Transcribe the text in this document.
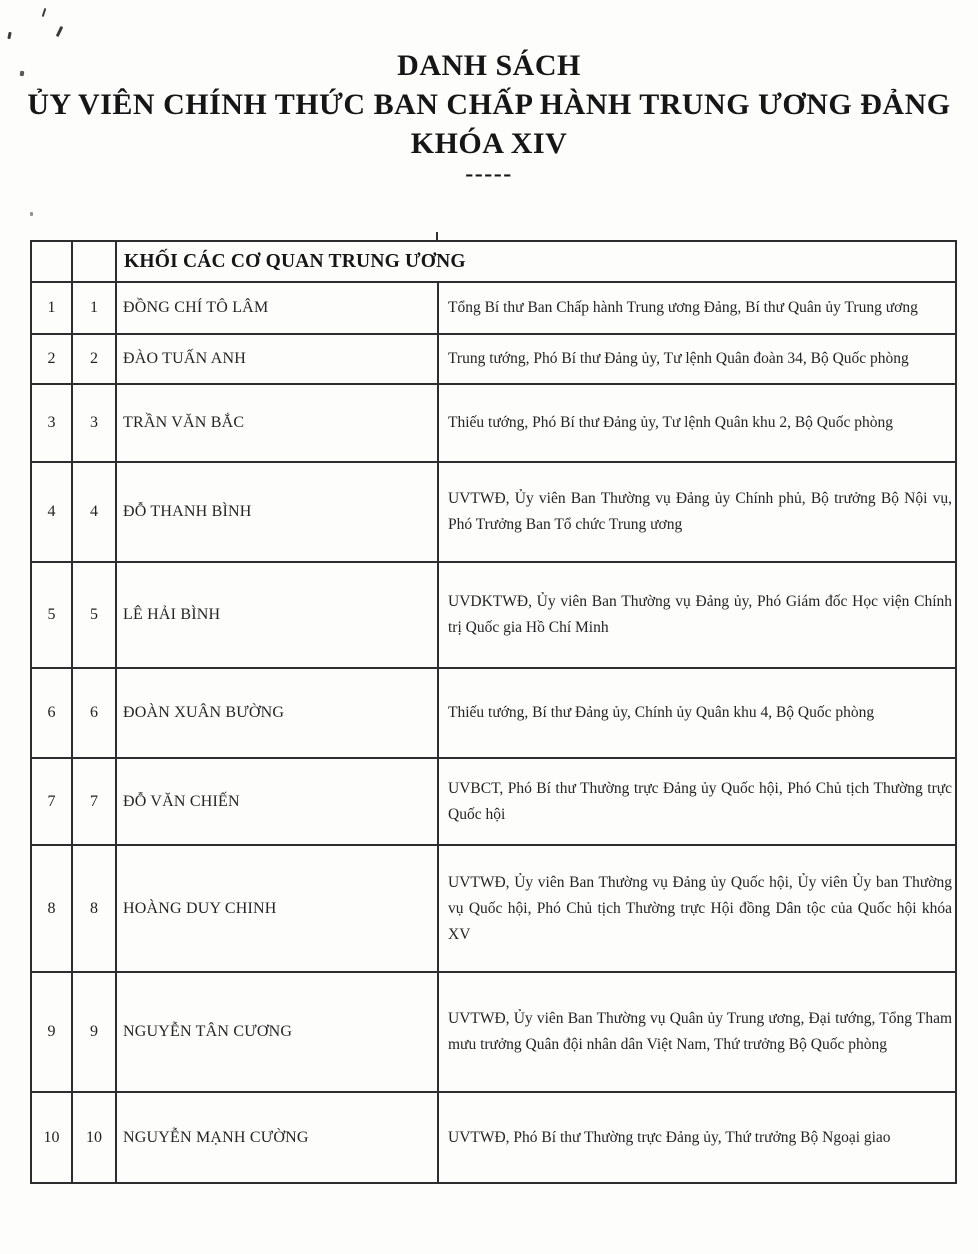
DANH SÁCH
ỦY VIÊN CHÍNH THỨC BAN CHẤP HÀNH TRUNG ƯƠNG ĐẢNG
KHÓA XIV
-----
		KHỐI CÁC CƠ QUAN TRUNG ƯƠNG	
1	1	ĐỒNG CHÍ TÔ LÂM	Tổng Bí thư Ban Chấp hành Trung ương Đảng, Bí thư Quân ủy Trung ương
2	2	ĐÀO TUẤN ANH	Trung tướng, Phó Bí thư Đảng ủy, Tư lệnh Quân đoàn 34, Bộ Quốc phòng
3	3	TRẦN VĂN BẮC	Thiếu tướng, Phó Bí thư Đảng ủy, Tư lệnh Quân khu 2, Bộ Quốc phòng
4	4	ĐỖ THANH BÌNH	UVTWĐ, Ủy viên Ban Thường vụ Đảng ủy Chính phủ, Bộ trưởng Bộ Nội vụ, Phó Trưởng Ban Tổ chức Trung ương
5	5	LÊ HẢI BÌNH	UVDKTWĐ, Ủy viên Ban Thường vụ Đảng ủy, Phó Giám đốc Học viện Chính trị Quốc gia Hồ Chí Minh
6	6	ĐOÀN XUÂN BƯỜNG	Thiếu tướng, Bí thư Đảng ủy, Chính ủy Quân khu 4, Bộ Quốc phòng
7	7	ĐỖ VĂN CHIẾN	UVBCT, Phó Bí thư Thường trực Đảng ủy Quốc hội, Phó Chủ tịch Thường trực Quốc hội
8	8	HOÀNG DUY CHINH	UVTWĐ, Ủy viên Ban Thường vụ Đảng ủy Quốc hội, Ủy viên Ủy ban Thường vụ Quốc hội, Phó Chủ tịch Thường trực Hội đồng Dân tộc của Quốc hội khóa XV
9	9	NGUYỄN TÂN CƯƠNG	UVTWĐ, Ủy viên Ban Thường vụ Quân ủy Trung ương, Đại tướng, Tổng Tham mưu trưởng Quân đội nhân dân Việt Nam, Thứ trưởng Bộ Quốc phòng
10	10	NGUYỄN MẠNH CƯỜNG	UVTWĐ, Phó Bí thư Thường trực Đảng ủy, Thứ trưởng Bộ Ngoại giao
